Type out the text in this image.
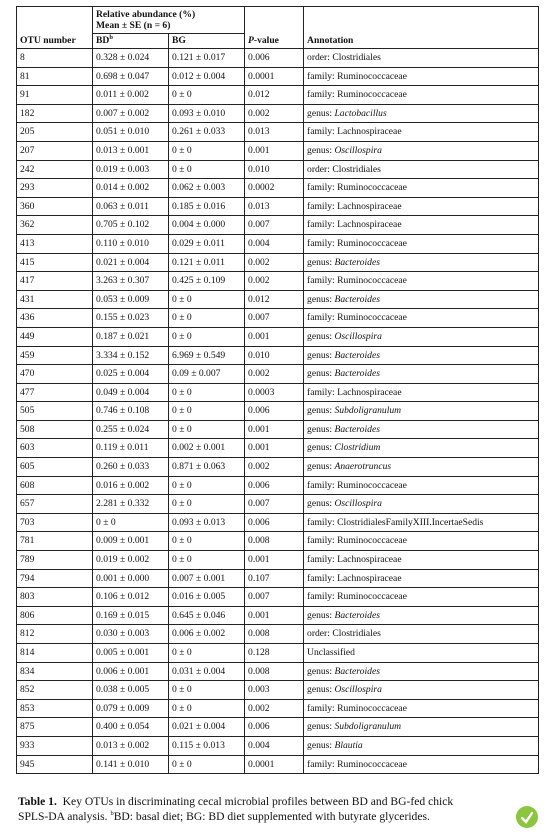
	Relative abundance (%)
Mean ± SE (n = 6)			
OTU number	$BD^b$	BG	P-value	Annotation
8	0.328 ± 0.024	0.121 ± 0.017	0.006	order: Clostridiales
81	0.698 ± 0.047	0.012 ± 0.004	0.0001	family: Ruminococcaceae
91	0.011 ± 0.002	0 ± 0	0.012	family: Ruminococcaceae
182	0.007 ± 0.002	0.093 ± 0.010	0.002	genus: Lactobacillus
205	0.051 ± 0.010	0.261 ± 0.033	0.013	family: Lachnospiraceae
207	0.013 ± 0.001	0 ± 0	0.001	genus: Oscillospira
242	0.019 ± 0.003	0 ± 0	0.010	order: Clostridiales
293	0.014 ± 0.002	0.062 ± 0.003	0.0002	family: Ruminococcaceae
360	0.063 ± 0.011	0.185 ± 0.016	0.013	family: Lachnospiraceae
362	0.705 ± 0.102	0.004 ± 0.000	0.007	family: Lachnospiraceae
413	0.110 ± 0.010	0.029 ± 0.011	0.004	family: Ruminococcaceae
415	0.021 ± 0.004	0.121 ± 0.011	0.002	genus: Bacteroides
417	3.263 ± 0.307	0.425 ± 0.109	0.002	family: Ruminococcaceae
431	0.053 ± 0.009	0 ± 0	0.012	genus: Bacteroides
436	0.155 ± 0.023	0 ± 0	0.007	family: Ruminococcaceae
449	0.187 ± 0.021	0 ± 0	0.001	genus: Oscillospira
459	3.334 ± 0.152	6.969 ± 0.549	0.010	genus: Bacteroides
470	0.025 ± 0.004	0.09 ± 0.007	0.002	genus: Bacteroides
477	0.049 ± 0.004	0 ± 0	0.0003	family: Lachnospiraceae
505	0.746 ± 0.108	0 ± 0	0.006	genus: Subdoligranulum
508	0.255 ± 0.024	0 ± 0	0.001	genus: Bacteroides
603	0.119 ± 0.011	0.002 ± 0.001	0.001	genus: Clostridium
605	0.260 ± 0.033	0.871 ± 0.063	0.002	genus: Anaerotruncus
608	0.016 ± 0.002	0 ± 0	0.006	family: Ruminococcaceae
657	2.281 ± 0.332	0 ± 0	0.007	genus: Oscillospira
703	0 ± 0	0.093 ± 0.013	0.006	family: ClostridialesFamilyXIII.IncertaeSedis
781	0.009 ± 0.001	0 ± 0	0.008	family: Ruminococcaceae
789	0.019 ± 0.002	0 ± 0	0.001	family: Lachnospiraceae
794	0.001 ± 0.000	0.007 ± 0.001	0.107	family: Lachnospiraceae
803	0.106 ± 0.012	0.016 ± 0.005	0.007	family: Ruminococcaceae
806	0.169 ± 0.015	0.645 ± 0.046	0.001	genus: Bacteroides
812	0.030 ± 0.003	0.006 ± 0.002	0.008	order: Clostridiales
814	0.005 ± 0.001	0 ± 0	0.128	Unclassified
834	0.006 ± 0.001	0.031 ± 0.004	0.008	genus: Bacteroides
852	0.038 ± 0.005	0 ± 0	0.003	genus: Oscillospira
853	0.079 ± 0.009	0 ± 0	0.002	family: Ruminococcaceae
875	0.400 ± 0.054	0.021 ± 0.004	0.006	genus: Subdoligranulum
933	0.013 ± 0.002	0.115 ± 0.013	0.004	genus: Blautia
945	0.141 ± 0.010	0 ± 0	0.0001	family: Ruminococcaceae
Table 1.  Key OTUs in discriminating cecal microbial profiles between BD and BG-fed chick
SPLS-DA analysis. $^b$BD: basal diet; BG: BD diet supplemented with butyrate glycerides.
